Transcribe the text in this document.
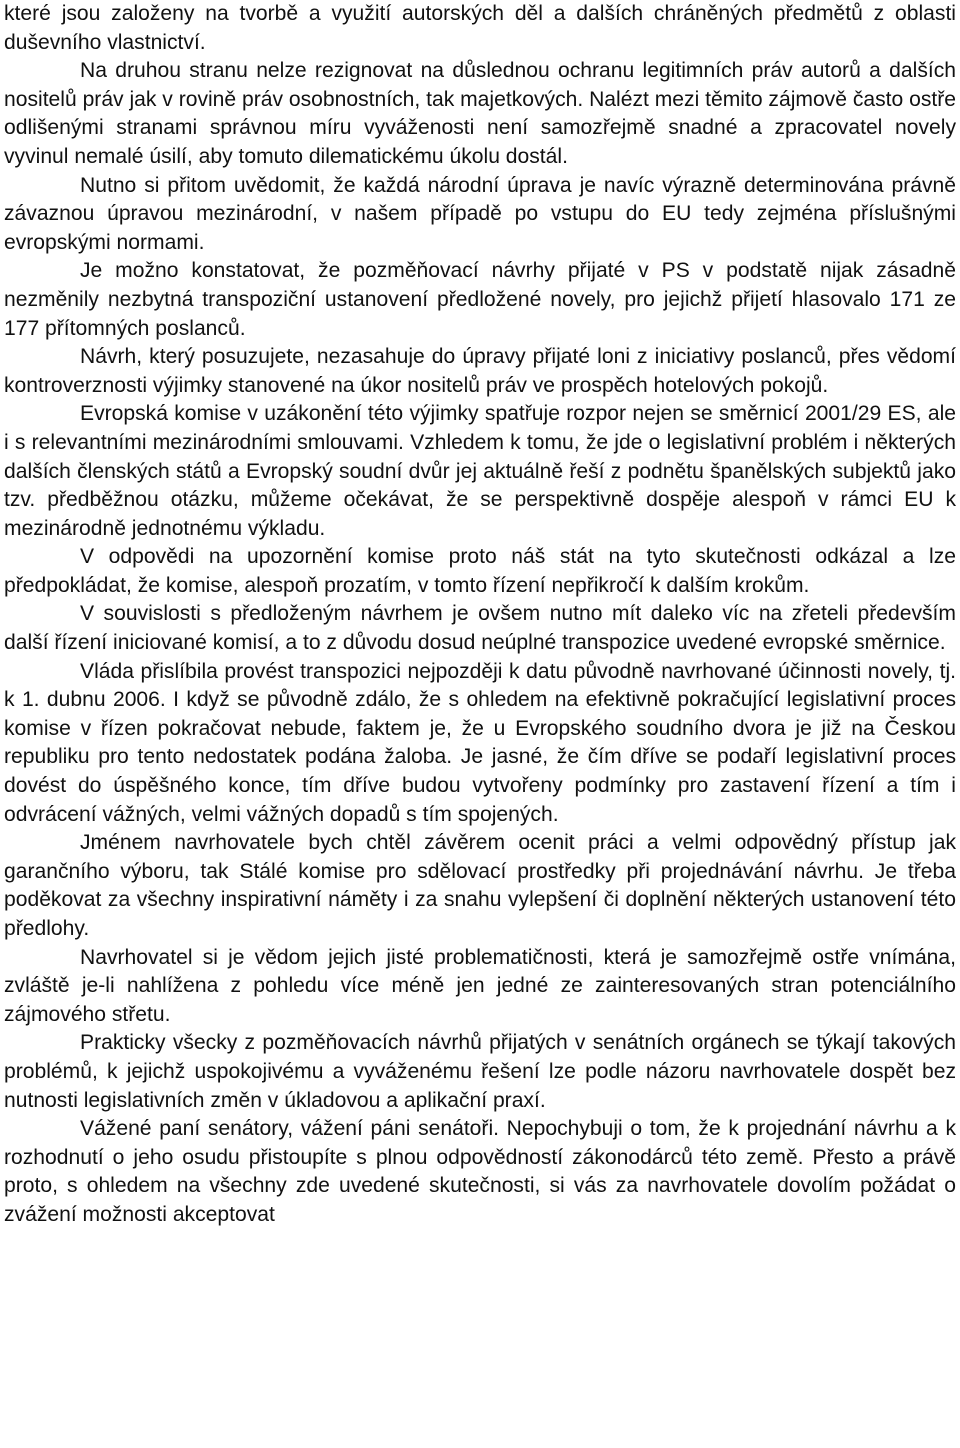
které jsou založeny na tvorbě a využití autorských děl a dalších chráněných předmětů z oblasti duševního vlastnictví.

Na druhou stranu nelze rezignovat na důslednou ochranu legitimních práv autorů a dalších nositelů práv jak v rovině práv osobnostních, tak majetkových. Nalézt mezi těmito zájmově často ostře odlišenými stranami správnou míru vyváženosti není samozřejmě snadné a zpracovatel novely vyvinul nemalé úsilí, aby tomuto dilematickému úkolu dostál.

Nutno si přitom uvědomit, že každá národní úprava je navíc výrazně determinována právně závaznou úpravou mezinárodní, v našem případě po vstupu do EU tedy zejména příslušnými evropskými normami.

Je možno konstatovat, že pozměňovací návrhy přijaté v PS v podstatě nijak zásadně nezměnily nezbytná transpoziční ustanovení předložené novely, pro jejichž přijetí hlasovalo 171 ze 177 přítomných poslanců.

Návrh, který posuzujete, nezasahuje do úpravy přijaté loni z iniciativy poslanců, přes vědomí kontroverznosti výjimky stanovené na úkor nositelů práv ve prospěch hotelových pokojů.

Evropská komise v uzákonění této výjimky spatřuje rozpor nejen se směrnicí 2001/29 ES, ale i s relevantními mezinárodními smlouvami. Vzhledem k tomu, že jde o legislativní problém i některých dalších členských států a Evropský soudní dvůr jej aktuálně řeší z podnětu španělských subjektů jako tzv. předběžnou otázku, můžeme očekávat, že se perspektivně dospěje alespoň v rámci EU k mezinárodně jednotnému výkladu.

V odpovědi na upozornění komise proto náš stát na tyto skutečnosti odkázal a lze předpokládat, že komise, alespoň prozatím, v tomto řízení nepřikročí k dalším krokům.

V souvislosti s předloženým návrhem je ovšem nutno mít daleko víc na zřeteli především další řízení iniciované komisí, a to z důvodu dosud neúplné transpozice uvedené evropské směrnice.

Vláda přislíbila provést transpozici nejpozději k datu původně navrhované účinnosti novely, tj. k 1. dubnu 2006. I když se původně zdálo, že s ohledem na efektivně pokračující legislativní proces komise v řízen pokračovat nebude, faktem je, že u Evropského soudního dvora je již na Českou republiku pro tento nedostatek podána žaloba. Je jasné, že čím dříve se podaří legislativní proces dovést do úspěšného konce, tím dříve budou vytvořeny podmínky pro zastavení řízení a tím i odvrácení vážných, velmi vážných dopadů s tím spojených.

Jménem navrhovatele bych chtěl závěrem ocenit práci a velmi odpovědný přístup jak garančního výboru, tak Stálé komise pro sdělovací prostředky při projednávání návrhu. Je třeba poděkovat za všechny inspirativní náměty i za snahu vylepšení či doplnění některých ustanovení této předlohy.

Navrhovatel si je vědom jejich jisté problematičnosti, která je samozřejmě ostře vnímána, zvláště je-li nahlížena z pohledu více méně jen jedné ze zainteresovaných stran potenciálního zájmového střetu.

Prakticky všecky z pozměňovacích návrhů přijatých v senátních orgánech se týkají takových problémů, k jejichž uspokojivému a vyváženému řešení lze podle názoru navrhovatele dospět bez nutnosti legislativních změn v úkladovou a aplikační praxí.

Vážené paní senátory, vážení páni senátoři. Nepochybuji o tom, že k projednání návrhu a k rozhodnutí o jeho osudu přistoupíte s plnou odpovědností zákonodárců této země. Přesto a právě proto, s ohledem na všechny zde uvedené skutečnosti, si vás za navrhovatele dovolím požádat o zvážení možnosti akceptovat
